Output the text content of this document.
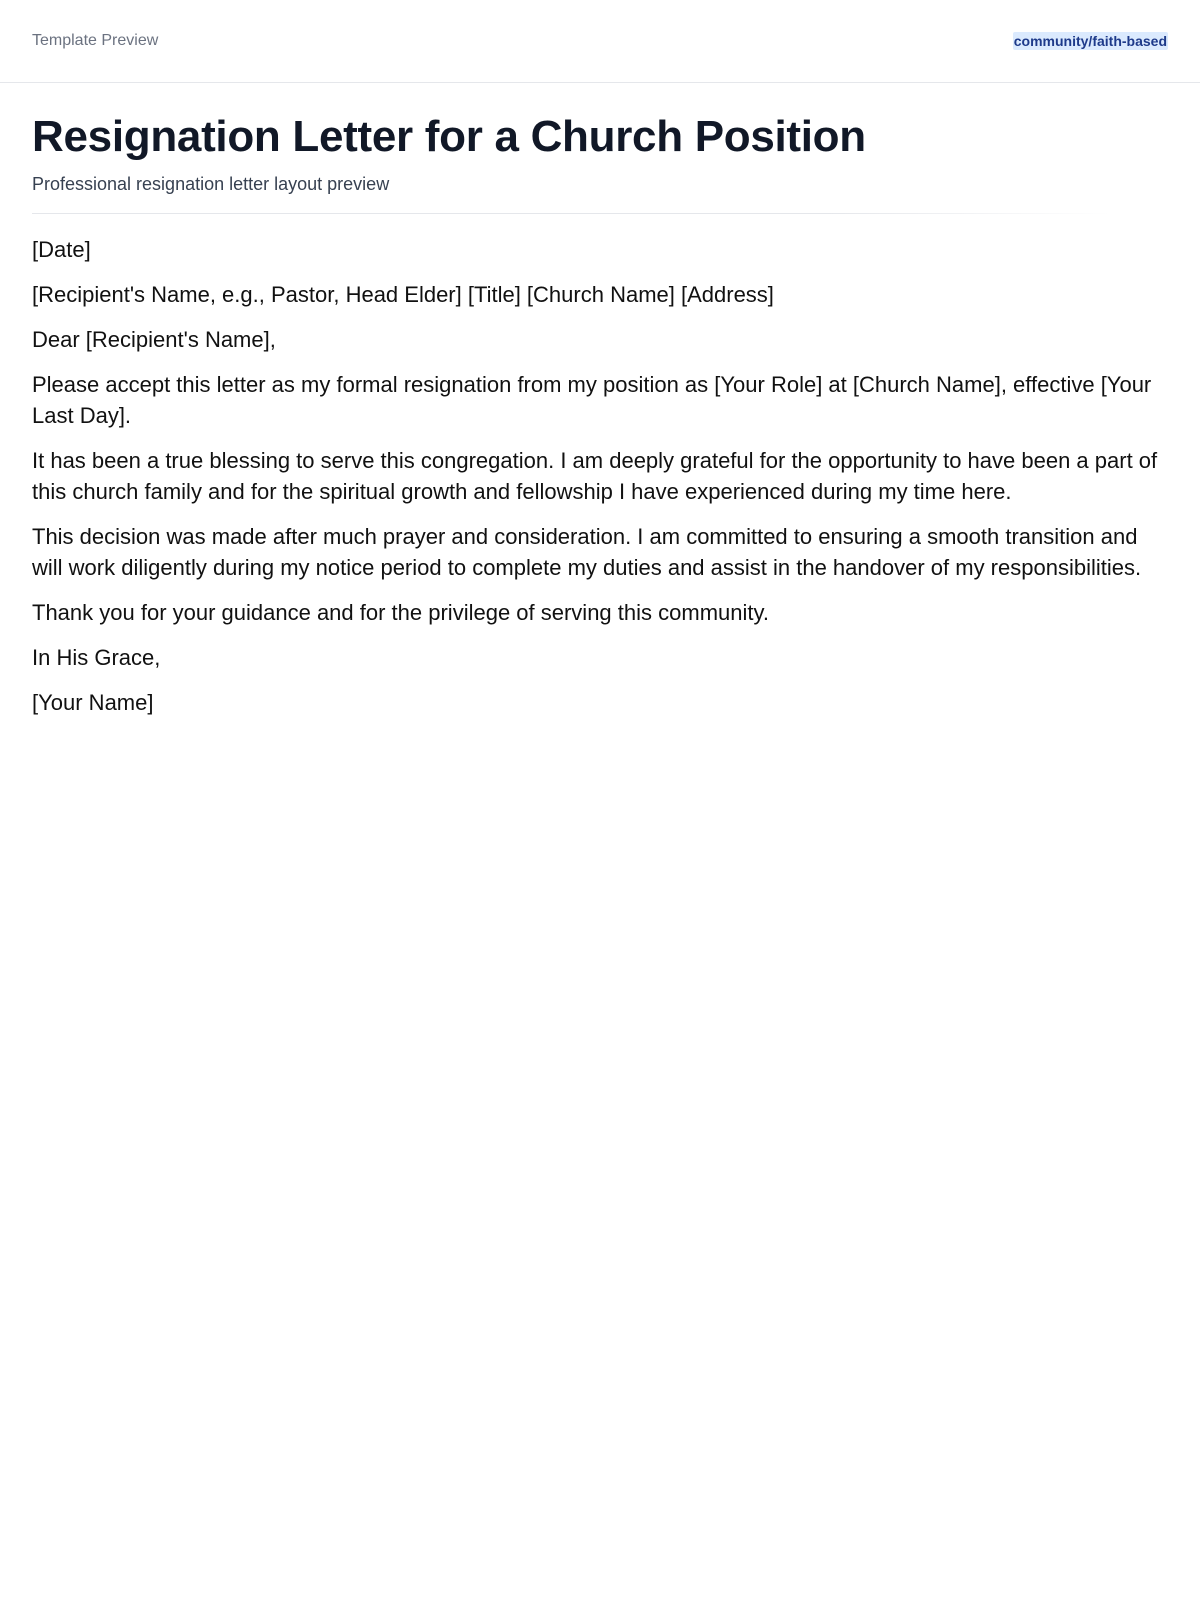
Template Preview	community/faith-based
Resignation Letter for a Church Position
Professional resignation letter layout preview

[Date]

[Recipient's Name, e.g., Pastor, Head Elder] [Title] [Church Name] [Address]

Dear [Recipient's Name],

Please accept this letter as my formal resignation from my position as [Your Role] at [Church Name], effective [Your Last Day].

It has been a true blessing to serve this congregation. I am deeply grateful for the opportunity to have been a part of this church family and for the spiritual growth and fellowship I have experienced during my time here.

This decision was made after much prayer and consideration. I am committed to ensuring a smooth transition and will work diligently during my notice period to complete my duties and assist in the handover of my responsibilities.

Thank you for your guidance and for the privilege of serving this community.

In His Grace,

[Your Name]
